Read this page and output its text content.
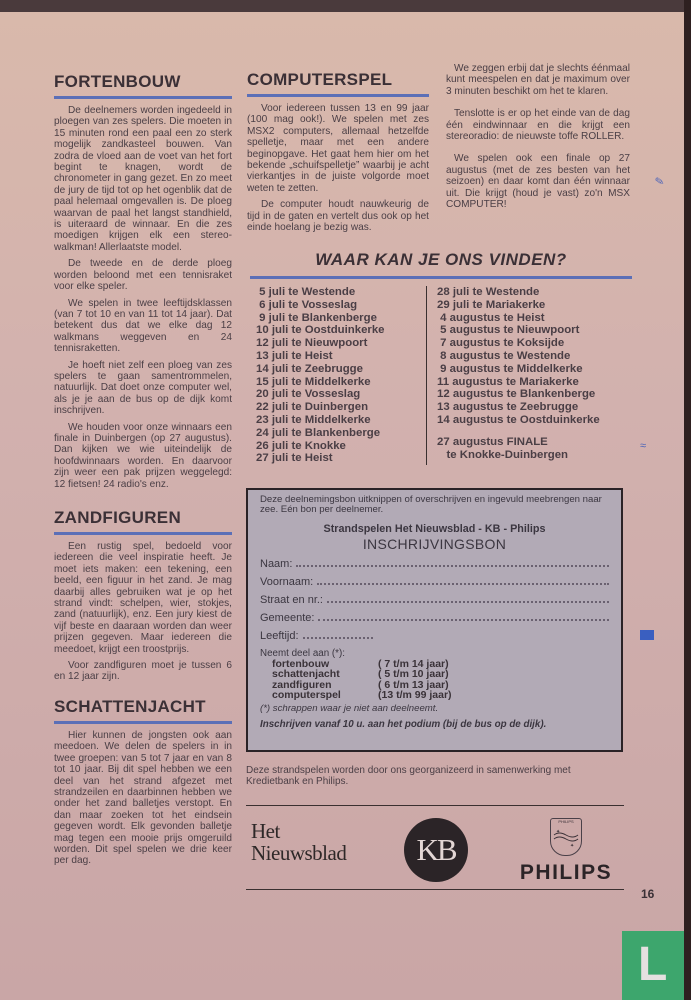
FORTENBOUW

De deelnemers worden ingedeeld in ploegen van zes spelers. Die moeten in 15 minuten rond een paal een zo sterk mogelijk zandkasteel bouwen. Van zodra de vloed aan de voet van het fort begint te knagen, wordt de chronometer in gang gezet. En zo meet de jury de tijd tot op het ogenblik dat de paal helemaal omgevallen is. De ploeg waarvan de paal het langst standhield, is uiteraard de winnaar. En die zes moedigen krijgen elk een stereo-walkman! Allerlaatste model.

De tweede en de derde ploeg worden beloond met een tennisraket voor elke speler.

We spelen in twee leeftijdsklassen (van 7 tot 10 en van 11 tot 14 jaar). Dat betekent dus dat we elke dag 12 walkmans weggeven en 24 tennisraketten.

Je hoeft niet zelf een ploeg van zes spelers te gaan samentrommelen, natuurlijk. Dat doet onze computer wel, als je je aan de bus op de dijk komt inschrijven.

We houden voor onze winnaars een finale in Duinbergen (op 27 augustus). Dan kijken we wie uiteindelijk de hoofdwinnaars worden. En daarvoor zijn weer een pak prijzen weggelegd: 12 fietsen! 24 radio's enz.

ZANDFIGUREN

Een rustig spel, bedoeld voor iedereen die veel inspiratie heeft. Je moet iets maken: een tekening, een beeld, een figuur in het zand. Je mag daarbij alles gebruiken wat je op het strand vindt: schelpen, wier, stokjes, zand (natuurlijk), enz. Een jury kiest de vijf beste en daaraan worden dan weer prijzen gegeven. Maar iedereen die meedoet, krijgt een troostprijs.

Voor zandfiguren moet je tussen 6 en 12 jaar zijn.

SCHATTENJACHT

Hier kunnen de jongsten ook aan meedoen. We delen de spelers in in twee groepen: van 5 tot 7 jaar en van 8 tot 10 jaar. Bij dit spel hebben we een deel van het strand afgezet met strandzeilen en daarbinnen hebben we onder het zand balletjes verstopt. En dan maar zoeken tot het eindsein gegeven wordt. Elk gevonden balletje mag tegen een mooie prijs omgeruild worden. Dit spel spelen we drie keer per dag.

COMPUTERSPEL

Voor iedereen tussen 13 en 99 jaar (100 mag ook!). We spelen met zes MSX2 computers, allemaal hetzelfde spelletje, maar met een andere beginopgave. Het gaat hem hier om het bekende „schuifspelletje” waarbij je acht vierkantjes in de juiste volgorde moet weten te zetten.

De computer houdt nauwkeurig de tijd in de gaten en vertelt dus ook op het einde hoelang je bezig was.

We zeggen erbij dat je slechts éénmaal kunt meespelen en dat je maximum over 3 minuten beschikt om het te klaren.

Tenslotte is er op het einde van de dag één eindwinnaar en die krijgt een stereoradio: de nieuwste toffe ROLLER.

We spelen ook een finale op 27 augustus (met de zes besten van het seizoen) en daar komt dan één winnaar uit. Die krijgt (houd je vast) zo'n MSX COMPUTER!

WAAR KAN JE ONS VINDEN?
5 juli te Westende
6 juli te Vosseslag
9 juli te Blankenberge
10 juli te Oostduinkerke
12 juli te Nieuwpoort
13 juli te Heist
14 juli te Zeebrugge
15 juli te Middelkerke
20 juli te Vosseslag
22 juli te Duinbergen
23 juli te Middelkerke
24 juli te Blankenberge
26 juli te Knokke
27 juli te Heist
28 juli te Westende
29 juli te Mariakerke
4 augustus te Heist
5 augustus te Nieuwpoort
7 augustus te Koksijde
8 augustus te Westende
9 augustus te Middelkerke
11 augustus te Mariakerke
12 augustus te Blankenberge
13 augustus te Zeebrugge
14 augustus te Oostduinkerke
27 augustus FINALE
te Knokke-Duinbergen
Deze deelnemingsbon uitknippen of overschrijven en ingevuld meebrengen naar zee. Eén bon per deelnemer.
Strandspelen Het Nieuwsblad - KB - Philips
INSCHRIJVINGSBON
Naam:
Voornaam:
Straat en nr.:
Gemeente:
Leeftijd:
Neemt deel aan (*):
fortenbouw	( 7 t/m 14 jaar)
schattenjacht	( 5 t/m 10 jaar)
zandfiguren	( 6 t/m 13 jaar)
computerspel	(13 t/m 99 jaar)
(*) schrappen waar je niet aan deelneemt.
Inschrijven vanaf 10 u. aan het podium (bij de bus op de dijk).
Deze strandspelen worden door ons georganizeerd in samenwerking met Kredietbank en Philips.
Het
Nieuwsblad	KB
PHILIPS
✦
✦
PHILIPS
16
✎
≈
L
